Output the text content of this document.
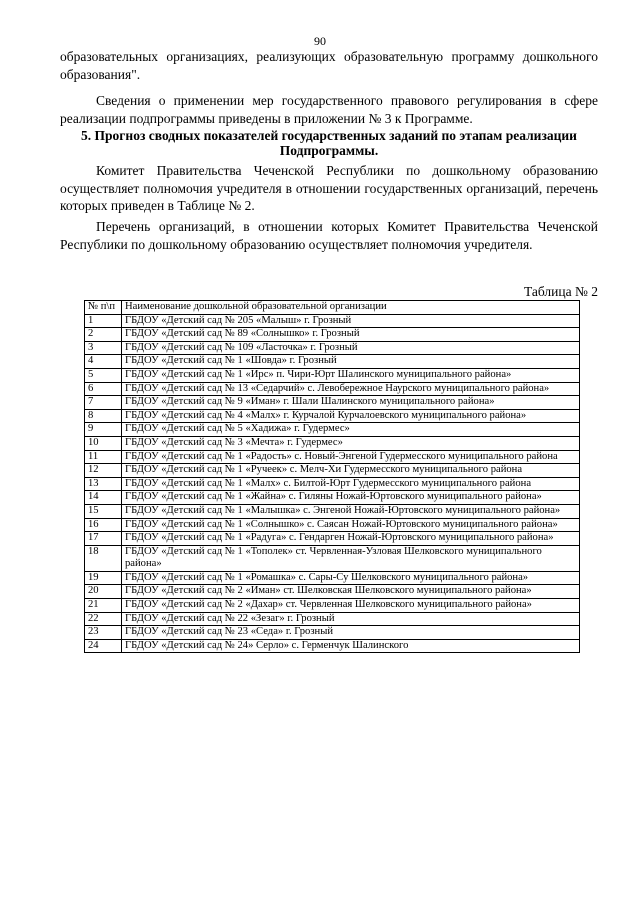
90

образовательных организациях, реализующих образовательную программу дошкольного образования".

Сведения о применении мер государственного правового регулирования в сфере реализации подпрограммы приведены в приложении № 3 к Программе.

5. Прогноз сводных показателей государственных заданий по этапам реализации Подпрограммы.

Комитет Правительства Чеченской Республики по дошкольному образованию осуществляет полномочия учредителя в отношении государственных организаций, перечень которых приведен в Таблице № 2.

Перечень организаций, в отношении которых Комитет Правительства Чеченской Республики по дошкольному образованию осуществляет полномочия учредителя.

Таблица № 2
№ п\п	Наименование дошкольной образовательной организации
1	ГБДОУ «Детский сад № 205 «Малыш» г. Грозный
2	ГБДОУ «Детский сад № 89 «Солнышко» г. Грозный
3	ГБДОУ «Детский сад № 109 «Ласточка» г. Грозный
4	ГБДОУ «Детский сад № 1 «Шовда» г. Грозный
5	ГБДОУ «Детский сад № 1 «Ирс» п. Чири-Юрт Шалинского муниципального района»
6	ГБДОУ «Детский сад № 13 «Седарчий» с. Левобережное Наурского муниципального района»
7	ГБДОУ «Детский сад № 9 «Иман» г. Шали Шалинского муниципального района»
8	ГБДОУ «Детский сад № 4 «Малх» г. Курчалой Курчалоевского муниципального района»
9	ГБДОУ «Детский сад № 5 «Хадижа» г. Гудермес»
10	ГБДОУ «Детский сад № 3 «Мечта» г. Гудермес»
11	ГБДОУ «Детский сад № 1 «Радость» с. Новый-Энгеной Гудермесского муниципального района
12	ГБДОУ «Детский сад № 1 «Ручеек» с. Мелч-Хи Гудермесского муниципального района
13	ГБДОУ «Детский сад № 1 «Малх» с. Билтой-Юрт Гудермесского муниципального района
14	ГБДОУ «Детский сад № 1 «Жайна» с. Гиляны Ножай-Юртовского муниципального района»
15	ГБДОУ «Детский сад № 1 «Малышка» с. Энгеной Ножай-Юртовского муниципального района»
16	ГБДОУ «Детский сад № 1 «Солнышко» с. Саясан Ножай-Юртовского муниципального района»
17	ГБДОУ «Детский сад № 1 «Радуга» с. Гендарген Ножай-Юртовского муниципального района»
18	ГБДОУ «Детский сад № 1 «Тополек» ст. Червленная-Узловая Шелковского муниципального района»
19	ГБДОУ «Детский сад № 1 «Ромашка» с. Сары-Су Шелковского муниципального района»
20	ГБДОУ «Детский сад № 2 «Иман» ст. Шелковская Шелковского муниципального района»
21	ГБДОУ «Детский сад № 2 «Дахар» ст. Червленная Шелковского муниципального района»
22	ГБДОУ «Детский сад № 22 «Зезаг» г. Грозный
23	ГБДОУ «Детский сад № 23 «Седа» г. Грозный
24	ГБДОУ «Детский сад № 24» Серло» с. Герменчук Шалинского
